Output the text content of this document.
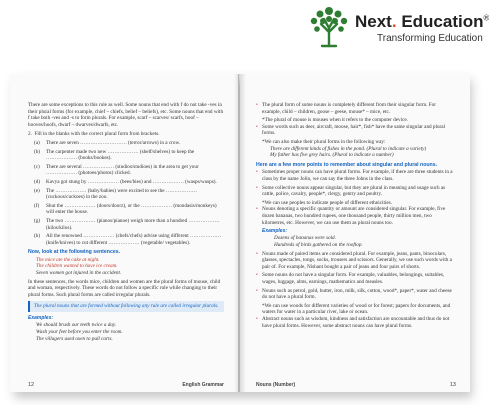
Next. Education®
Transforming Education

There are some exceptions to this rule as well. Some nouns that end with f do not take -ves in their plural forms (for example, chief – chiefs, belief – beliefs), etc. Some nouns that end with f take both -ves and -s to form plurals. For example, scarf – scarves/ scarfs, hoof – hooves/hoofs, dwarf – dwarves/dwarfs, etc.

2. Fill in the blanks with the correct plural form from brackets.

(a)	There are seven ……………………… (terror/arrows) in a crow.
(b)	The carpenter made two new ……………… (shelf/shelves) to keep the ……………… (books/bookes).
(c)	There are several ……………… (studios/studioes) in the area to get your ……………… (photoes/photos) clicked.
(d)	Kavya got stung by ……………… (bees/bies) and ……………… (wasps/wasps).
(e)	The ……………… (baby/babies) were excited to see the ……………… (cuckoos/cuckoes) in the zoo.
(f)	Shut the ……………… (doors/doorz), or the ……………… (mondasis/monkeys) will enter the house.
(g)	The two ……………… (pianos/pianoe) weigh more than a hundred ……………… (kilos/kilos).
(h)	All the renowned ……………… (chefs/chefs) advise using different ……………… (knife/knives) to cut different ……………… (vegetable/ vegetables).
Now, look at the following sentences.
The mice ate the cake at night.
The children wanted to have ice cream.
Seven women got injured in the accident.

In these sentences, the words mice, children and women are the plural forms of mouse, child and woman, respectively. These words do not follow a specific rule while changing to their plural forms. Such plural forms are called irregular plurals.

The plural nouns that are formed without following any rule are called irregular plurals.
Examples:
We should brush our teeth twice a day.
Wash your feet before you enter the room.
The villagers used oxen to pull carts.
12	English Grammar
• The plural form of some nouns is completely different from their singular form. For example, child – children, goose – geese, mouse* – mice, etc.
*The plural of mouse is mouses when it refers to the computer device.
• Some words such as deer, aircraft, moose, hair*, fish* have the same singular and plural forms.
*We can also make their plural forms in the following way:
There are different kinds of fishes in the pond. (Plural to indicate a variety)
My father has five grey hairs. (Plural to indicate a number)
Here are a few more points to remember about singular and plural nouns.
• Sometimes proper nouns can have plural forms. For example, if there are three students in a class by the name Jolin, we can say the three Johns in the class.
• Some collective nouns appear singular, but they are plural in meaning and usage such as cattle, police, cavalry, people*, clergy, gentry and poultry.
*We can use peoples to indicate people of different ethnicities.
• Nouns denoting a specific quantity or amount are considered singular. For example, five dozen bananas, two hundred rupees, one thousand people, thirty million men, two kilometres, etc. However, we can use them as plural nouns too.
Examples:
Dozens of bananas were sold.
Hundreds of birds gathered on the rooftop.
• Nouns made of paired items are considered plural. For example, jeans, pants, binoculars, glasses, spectacles, tongs, socks, trousers and scissors. Generally, we use such words with a pair of. For example, Nishant bought a pair of jeans and four pairs of shorts.
• Some nouns do not have a singular form. For example, valuables, belongings, suitables, wages, luggage, alms, earnings, mathematics and measles.
• Nouns such as petrol, gold, butter, iron, milk, silk, cotton, wood*, paper*, water and cheese do not have a plural form.
*We can use woods for different varieties of wood or for forest; papers for documents, and waters for water in a particular river, lake or ocean.
• Abstract nouns such as wisdom, kindness and satisfaction are uncountable and thus do not have plural forms. However, some abstract nouns can have plural forms.
Nouns (Number)	13
